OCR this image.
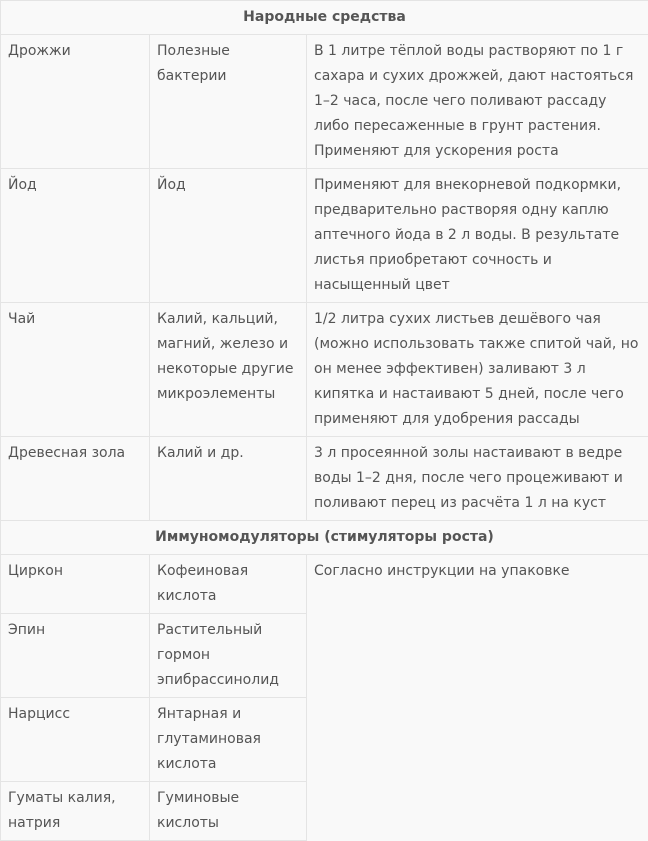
Народные средства		
Дрожжи	Полезные бактерии	В 1 литре тёплой воды растворяют по 1 г сахара и сухих дрожжей, дают настояться 1–2 часа, после чего поливают рассаду либо пересаженные в грунт растения. Применяют для ускорения роста
Йод	Йод	Применяют для внекорневой подкормки, предварительно растворяя одну каплю аптечного йода в 2 л воды. В результате листья приобретают сочность и насыщенный цвет
Чай	Калий, кальций, магний, железо и некоторые другие микроэлементы	1/2 литра сухих листьев дешёвого чая (можно использовать также спитой чай, но он менее эффективен) заливают 3 л кипятка и настаивают 5 дней, после чего применяют для удобрения рассады
Древесная зола	Калий и др.	3 л просеянной золы настаивают в ведре воды 1–2 дня, после чего процеживают и поливают перец из расчёта 1 л на куст
Иммуномодуляторы (стимуляторы роста)		
Циркон	Кофеиновая кислота	Согласно инструкции на упаковке
Эпин	Растительный гормон эпибрассинолид	
Нарцисс	Янтарная и глутаминовая кислота	
Гуматы калия, натрия	Гуминовые кислоты	
